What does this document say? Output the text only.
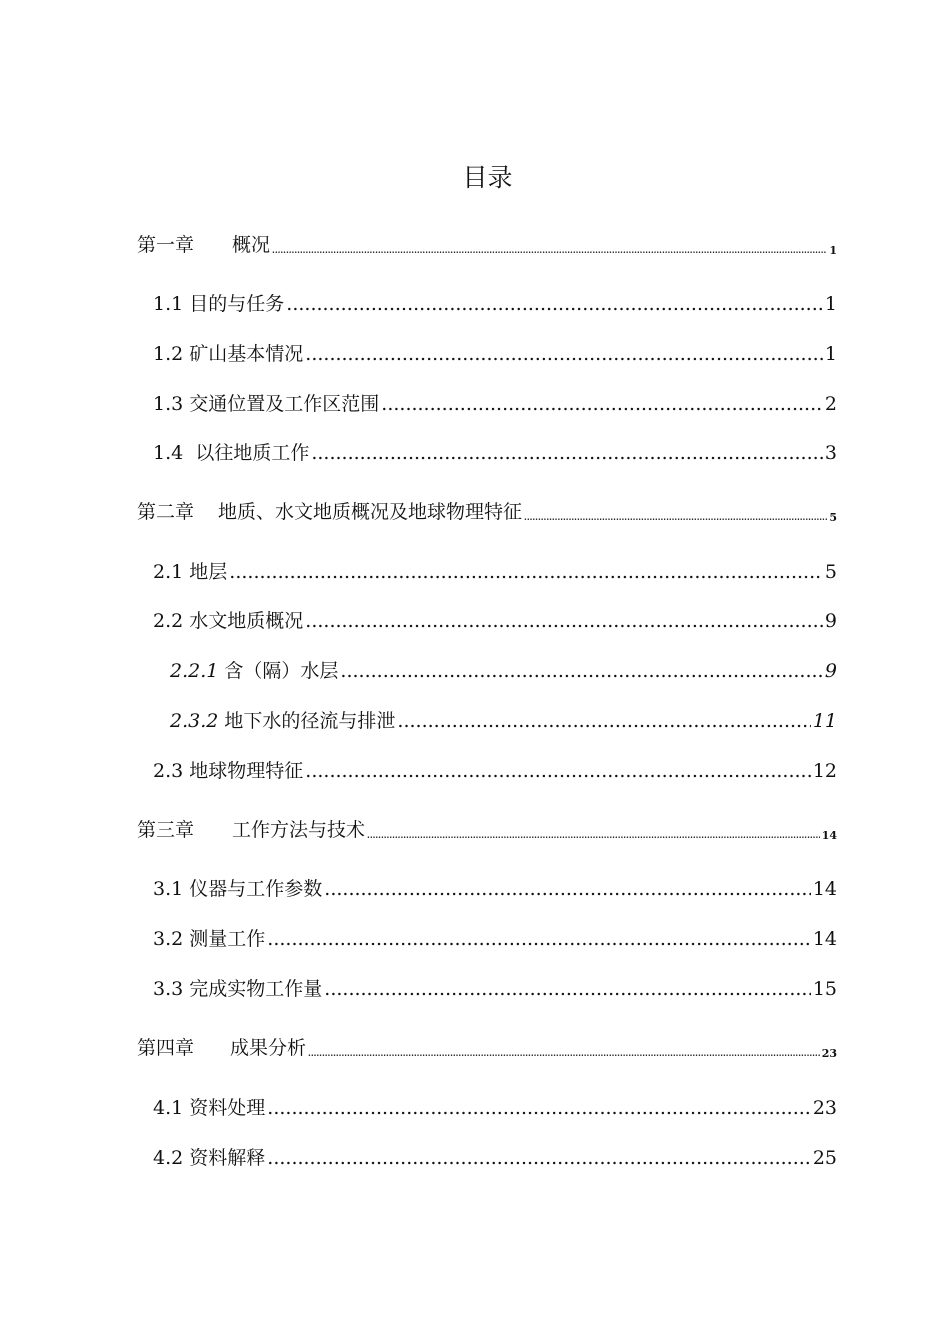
目录
第一章 概况 .....	1
1.1 目的与任务 .....	1
1.2 矿山基本情况 .....	1
1.3 交通位置及工作区范围 .....	2
1.4 以往地质工作 .....	3
第二章 地质、水文地质概况及地球物理特征 .....	5
2.1 地层 .....	5
2.2 水文地质概况 .....	9
2.2.1 含（隔）水层 .....	9
2.3.2 地下水的径流与排泄 .....	11
2.3 地球物理特征 .....	12
第三章 工作方法与技术 .....	14
3.1 仪器与工作参数 .....	14
3.2 测量工作 .....	14
3.3 完成实物工作量 .....	15
第四章 成果分析 .....	23
4.1 资料处理 .....	23
4.2 资料解释 .....	25
